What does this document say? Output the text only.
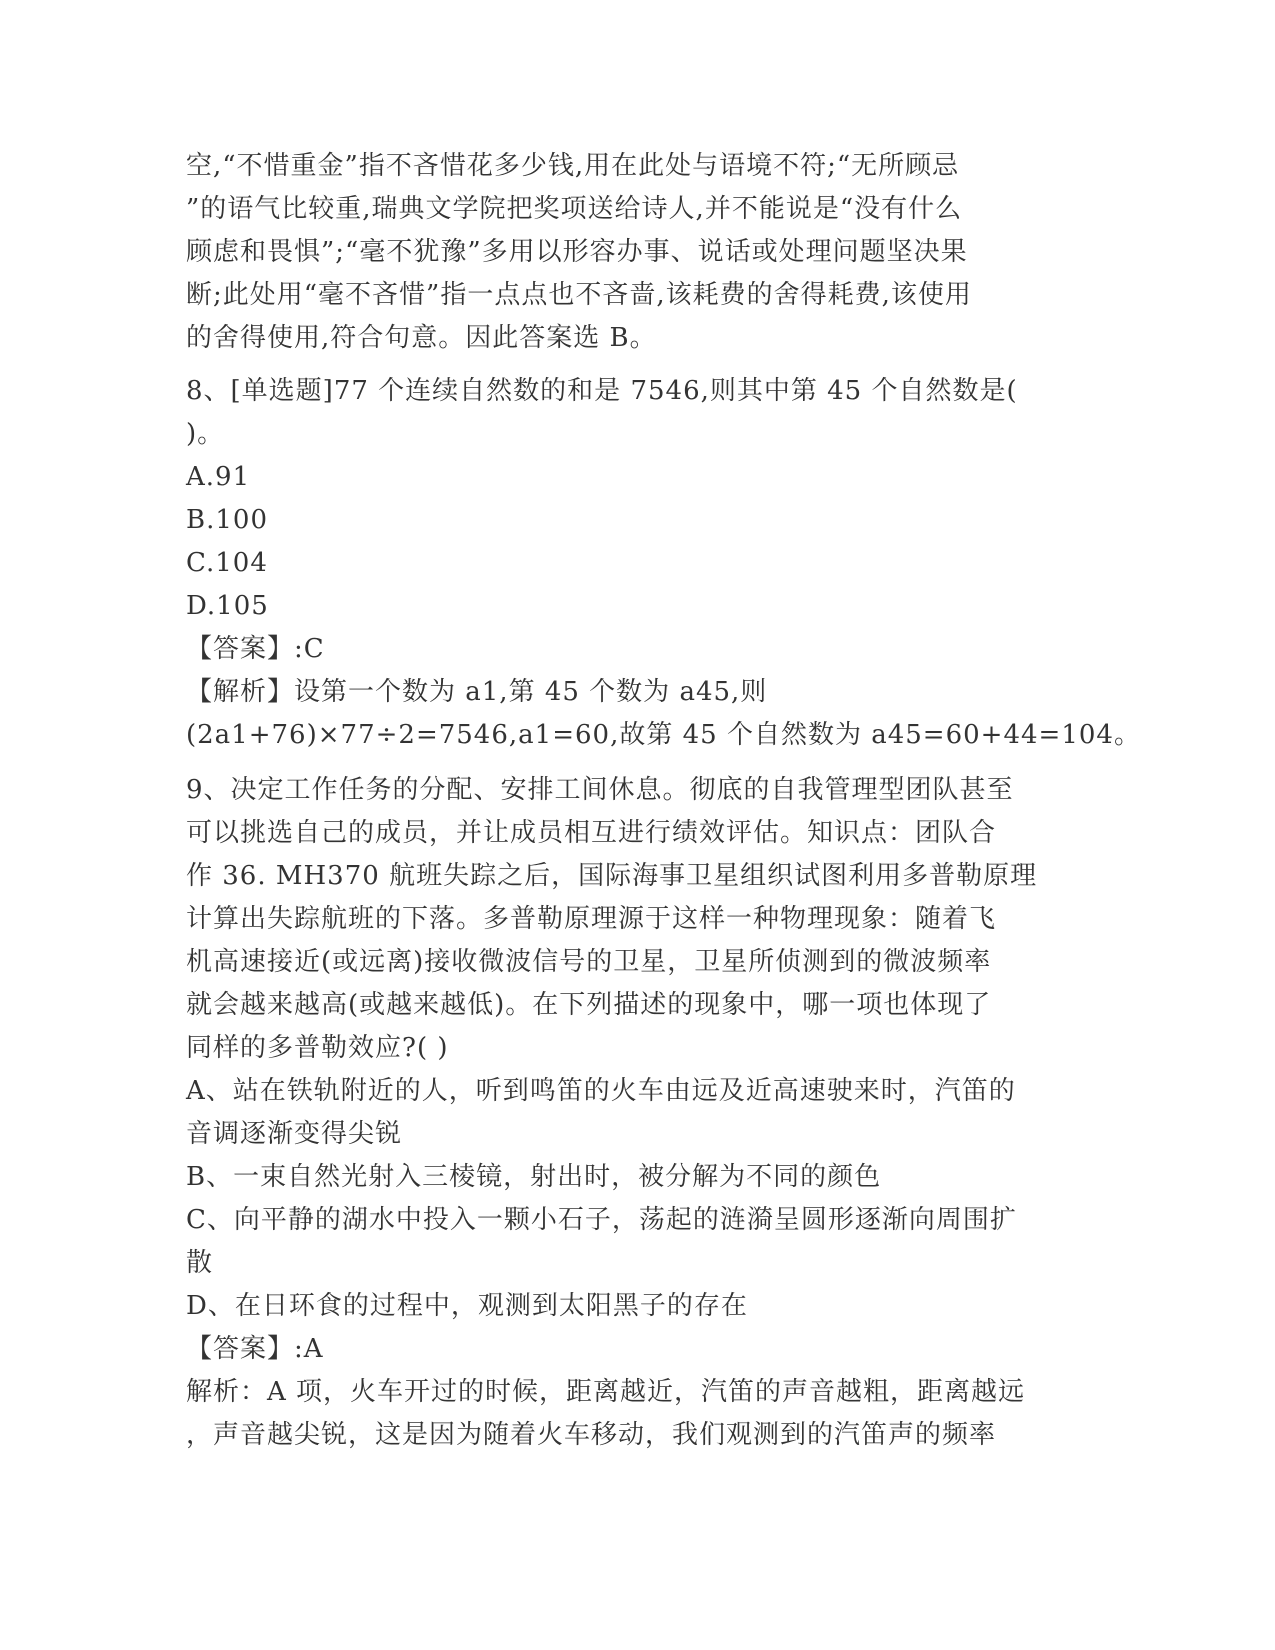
空,“不惜重金”指不吝惜花多少钱,用在此处与语境不符;“无所顾忌
”的语气比较重,瑞典文学院把奖项送给诗人,并不能说是“没有什么
顾虑和畏惧”;“毫不犹豫”多用以形容办事、说话或处理问题坚决果
断;此处用“毫不吝惜”指一点点也不吝啬,该耗费的舍得耗费,该使用
的舍得使用,符合句意。因此答案选 B。
8、[单选题]77 个连续自然数的和是 7546,则其中第 45 个自然数是(
)。
A.91
B.100
C.104
D.105
【答案】:C
【解析】设第一个数为 a1,第 45 个数为 a45,则
(2a1+76)×77÷2=7546,a1=60,故第 45 个自然数为 a45=60+44=104。
9、决定工作任务的分配、安排工间休息。彻底的自我管理型团队甚至
可以挑选自己的成员，并让成员相互进行绩效评估。知识点：团队合
作 36. MH370 航班失踪之后，国际海事卫星组织试图利用多普勒原理
计算出失踪航班的下落。多普勒原理源于这样一种物理现象：随着飞
机高速接近(或远离)接收微波信号的卫星，卫星所侦测到的微波频率
就会越来越高(或越来越低)。在下列描述的现象中，哪一项也体现了
同样的多普勒效应?( )
A、站在铁轨附近的人，听到鸣笛的火车由远及近高速驶来时，汽笛的
音调逐渐变得尖锐
B、一束自然光射入三棱镜，射出时，被分解为不同的颜色
C、向平静的湖水中投入一颗小石子，荡起的涟漪呈圆形逐渐向周围扩
散
D、在日环食的过程中，观测到太阳黑子的存在
【答案】:A
解析：A 项，火车开过的时候，距离越近，汽笛的声音越粗，距离越远
，声音越尖锐，这是因为随着火车移动，我们观测到的汽笛声的频率
